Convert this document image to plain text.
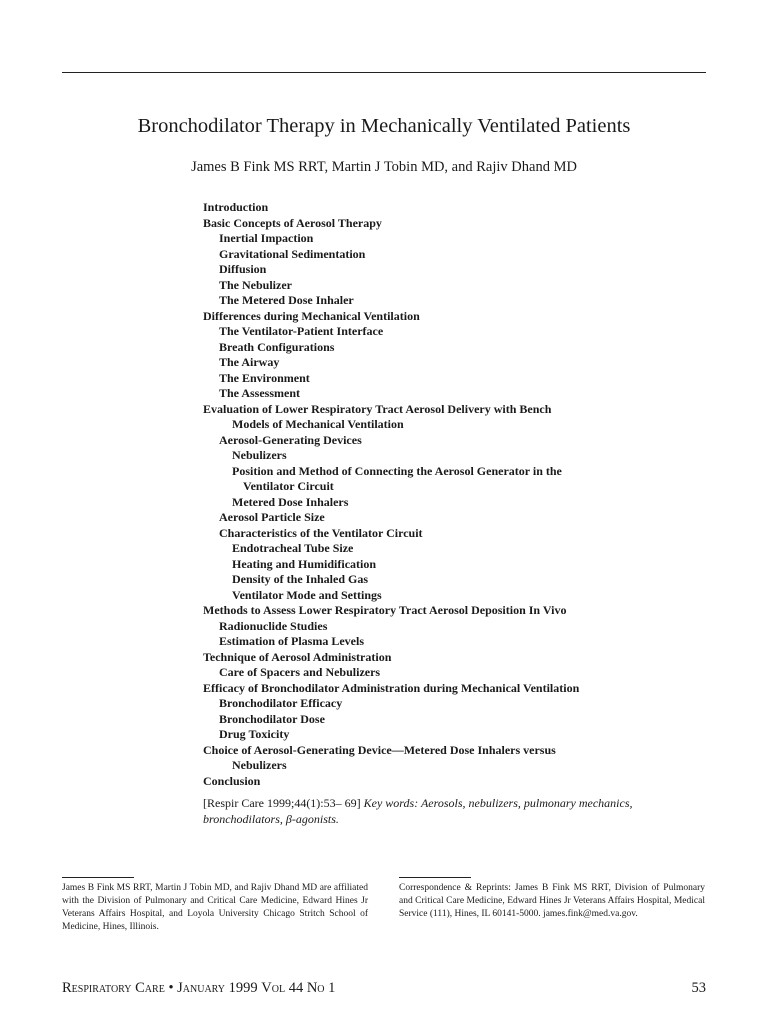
Bronchodilator Therapy in Mechanically Ventilated Patients
James B Fink MS RRT, Martin J Tobin MD, and Rajiv Dhand MD
Introduction
Basic Concepts of Aerosol Therapy
Inertial Impaction
Gravitational Sedimentation
Diffusion
The Nebulizer
The Metered Dose Inhaler
Differences during Mechanical Ventilation
The Ventilator-Patient Interface
Breath Configurations
The Airway
The Environment
The Assessment
Evaluation of Lower Respiratory Tract Aerosol Delivery with Bench
Models of Mechanical Ventilation
Aerosol-Generating Devices
Nebulizers
Position and Method of Connecting the Aerosol Generator in the
Ventilator Circuit
Metered Dose Inhalers
Aerosol Particle Size
Characteristics of the Ventilator Circuit
Endotracheal Tube Size
Heating and Humidification
Density of the Inhaled Gas
Ventilator Mode and Settings
Methods to Assess Lower Respiratory Tract Aerosol Deposition In Vivo
Radionuclide Studies
Estimation of Plasma Levels
Technique of Aerosol Administration
Care of Spacers and Nebulizers
Efficacy of Bronchodilator Administration during Mechanical Ventilation
Bronchodilator Efficacy
Bronchodilator Dose
Drug Toxicity
Choice of Aerosol-Generating Device—Metered Dose Inhalers versus
Nebulizers
Conclusion
[Respir Care 1999;44(1):53– 69] Key words: Aerosols, nebulizers, pulmonary mechanics, bronchodilators, β-agonists.
James B Fink MS RRT, Martin J Tobin MD, and Rajiv Dhand MD are affiliated with the Division of Pulmonary and Critical Care Medicine, Edward Hines Jr Veterans Affairs Hospital, and Loyola University Chicago Stritch School of Medicine, Hines, Illinois.
Correspondence & Reprints: James B Fink MS RRT, Division of Pulmonary and Critical Care Medicine, Edward Hines Jr Veterans Affairs Hospital, Medical Service (111), Hines, IL 60141-5000. james.fink@med.va.gov.
Respiratory Care • January 1999 Vol 44 No 1	53
